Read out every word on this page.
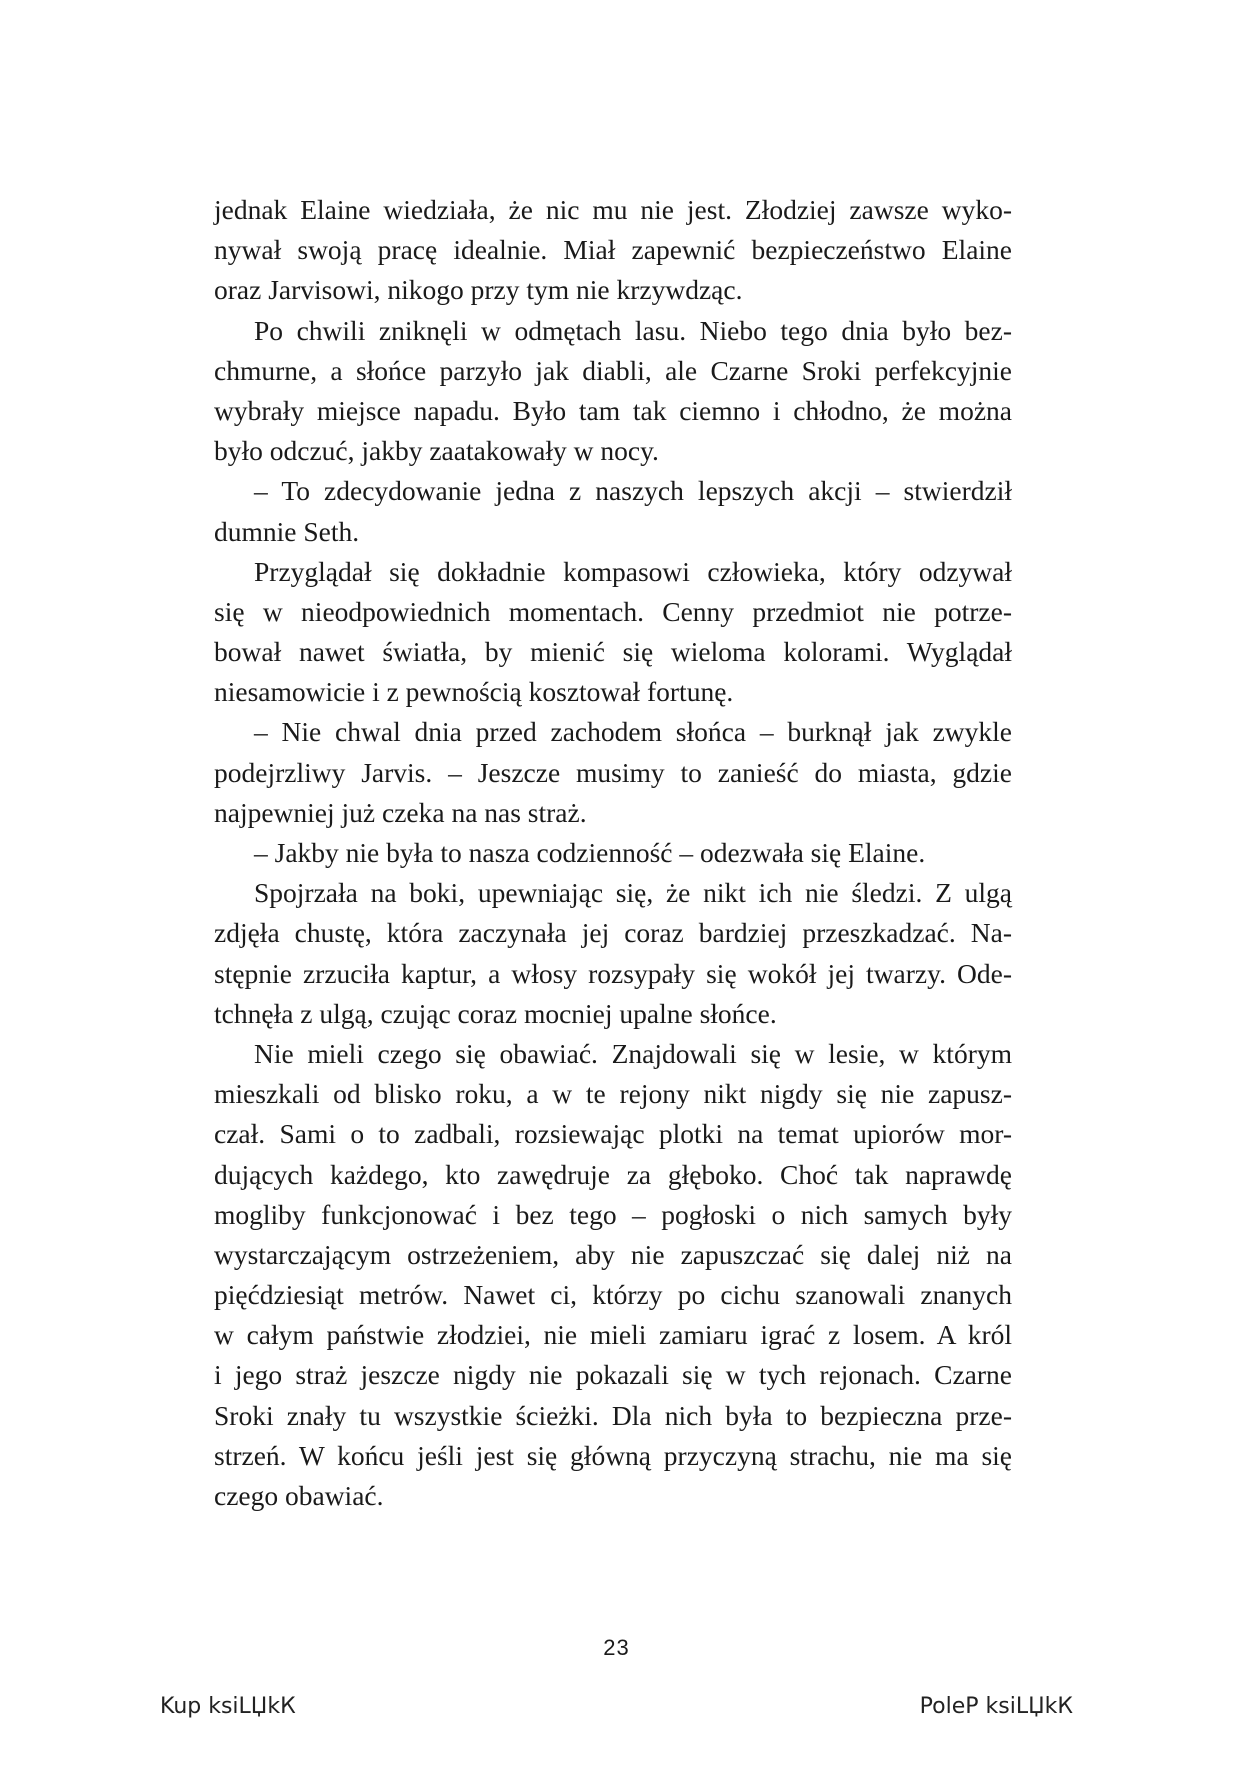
jednak Elaine wiedziała, że nic mu nie jest. Złodziej zawsze wyko-
nywał swoją pracę idealnie. Miał zapewnić bezpieczeństwo Elaine
oraz Jarvisowi, nikogo przy tym nie krzywdząc.
Po chwili zniknęli w odmętach lasu. Niebo tego dnia było bez-
chmurne, a słońce parzyło jak diabli, ale Czarne Sroki perfekcyjnie
wybrały miejsce napadu. Było tam tak ciemno i chłodno, że można
było odczuć, jakby zaatakowały w nocy.
– To zdecydowanie jedna z naszych lepszych akcji – stwierdził
dumnie Seth.
Przyglądał się dokładnie kompasowi człowieka, który odzywał
się w nieodpowiednich momentach. Cenny przedmiot nie potrze-
bował nawet światła, by mienić się wieloma kolorami. Wyglądał
niesamowicie i z pewnością kosztował fortunę.
– Nie chwal dnia przed zachodem słońca – burknął jak zwykle
podejrzliwy Jarvis. – Jeszcze musimy to zanieść do miasta, gdzie
najpewniej już czeka na nas straż.
– Jakby nie była to nasza codzienność – odezwała się Elaine.
Spojrzała na boki, upewniając się, że nikt ich nie śledzi. Z ulgą
zdjęła chustę, która zaczynała jej coraz bardziej przeszkadzać. Na-
stępnie zrzuciła kaptur, a włosy rozsypały się wokół jej twarzy. Ode-
tchnęła z ulgą, czując coraz mocniej upalne słońce.
Nie mieli czego się obawiać. Znajdowali się w lesie, w którym
mieszkali od blisko roku, a w te rejony nikt nigdy się nie zapusz-
czał. Sami o to zadbali, rozsiewając plotki na temat upiorów mor-
dujących każdego, kto zawędruje za głęboko. Choć tak naprawdę
mogliby funkcjonować i bez tego – pogłoski o nich samych były
wystarczającym ostrzeżeniem, aby nie zapuszczać się dalej niż na
pięćdziesiąt metrów. Nawet ci, którzy po cichu szanowali znanych
w całym państwie złodziei, nie mieli zamiaru igrać z losem. A król
i jego straż jeszcze nigdy nie pokazali się w tych rejonach. Czarne
Sroki znały tu wszystkie ścieżki. Dla nich była to bezpieczna prze-
strzeń. W końcu jeśli jest się główną przyczyną strachu, nie ma się
czego obawiać.
23
Kup ksiLЏkК	PoleР ksiLЏkК
